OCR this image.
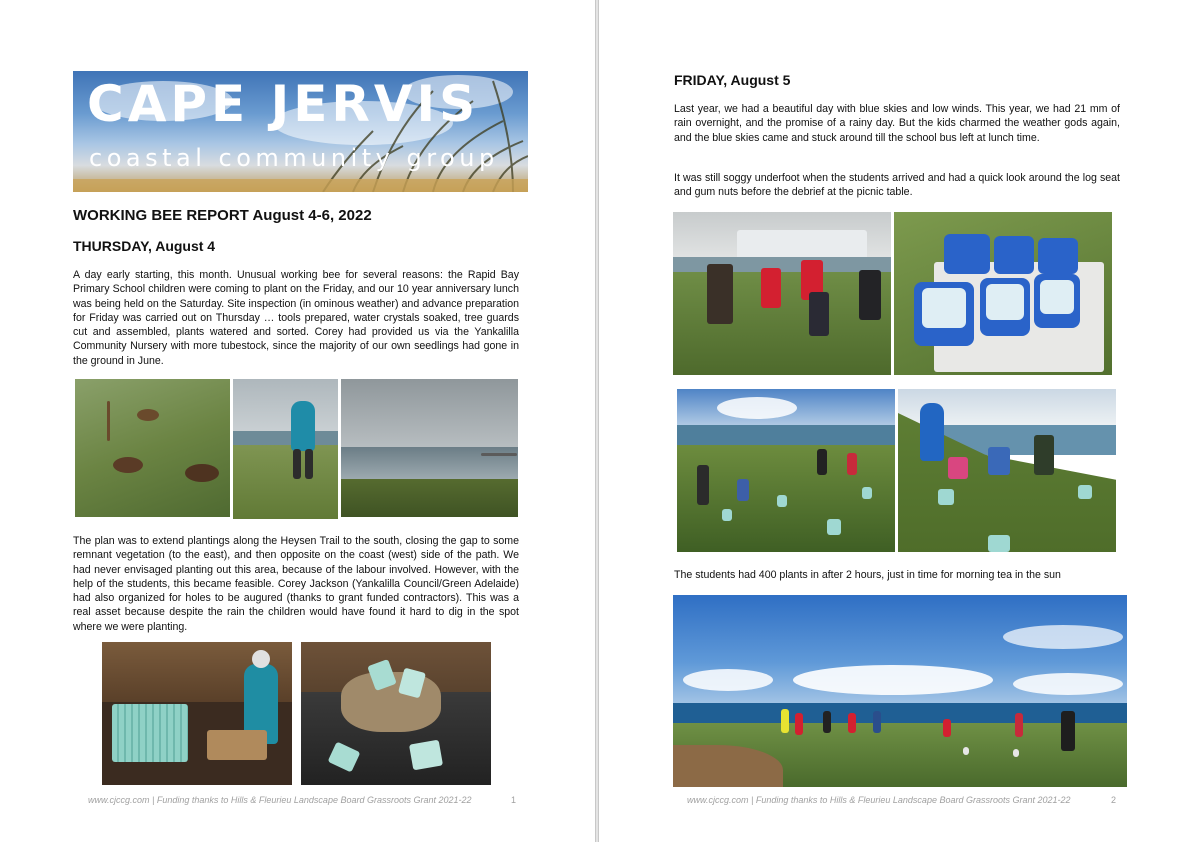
CAPE JERVIS
coastal community group
WORKING BEE REPORT August 4-6, 2022
THURSDAY, August 4

A day early starting, this month. Unusual working bee for several reasons: the Rapid Bay Primary School children were coming to plant on the Friday, and our 10 year anniversary lunch was being held on the Saturday. Site inspection (in ominous weather) and advance preparation for Friday was carried out on Thursday … tools prepared, water crystals soaked, tree guards cut and assembled, plants watered and sorted. Corey had provided us via the Yankalilla Community Nursery with more tubestock, since the majority of our own seedlings had gone in the ground in June.

The plan was to extend plantings along the Heysen Trail to the south, closing the gap to some remnant vegetation (to the east), and then opposite on the coast (west) side of the path. We had never envisaged planting out this area, because of the labour involved. However, with the help of the students, this became feasible. Corey Jackson (Yankalilla Council/Green Adelaide) had also organized for holes to be augured (thanks to grant funded contractors). This was a real asset because despite the rain the children would have found it hard to dig in the spot where we were planting.

www.cjccg.com | Funding thanks to Hills & Fleurieu Landscape Board Grassroots Grant 2021-22	1
FRIDAY, August 5

Last year, we had a beautiful day with blue skies and low winds. This year, we had 21 mm of rain overnight, and the promise of a rainy day. But the kids charmed the weather gods again, and the blue skies came and stuck around till the school bus left at lunch time.

It was still soggy underfoot when the students arrived and had a quick look around the log seat and gum nuts before the debrief at the picnic table.

The students had 400 plants in after 2 hours, just in time for morning tea in the sun

www.cjccg.com | Funding thanks to Hills & Fleurieu Landscape Board Grassroots Grant 2021-22	2
